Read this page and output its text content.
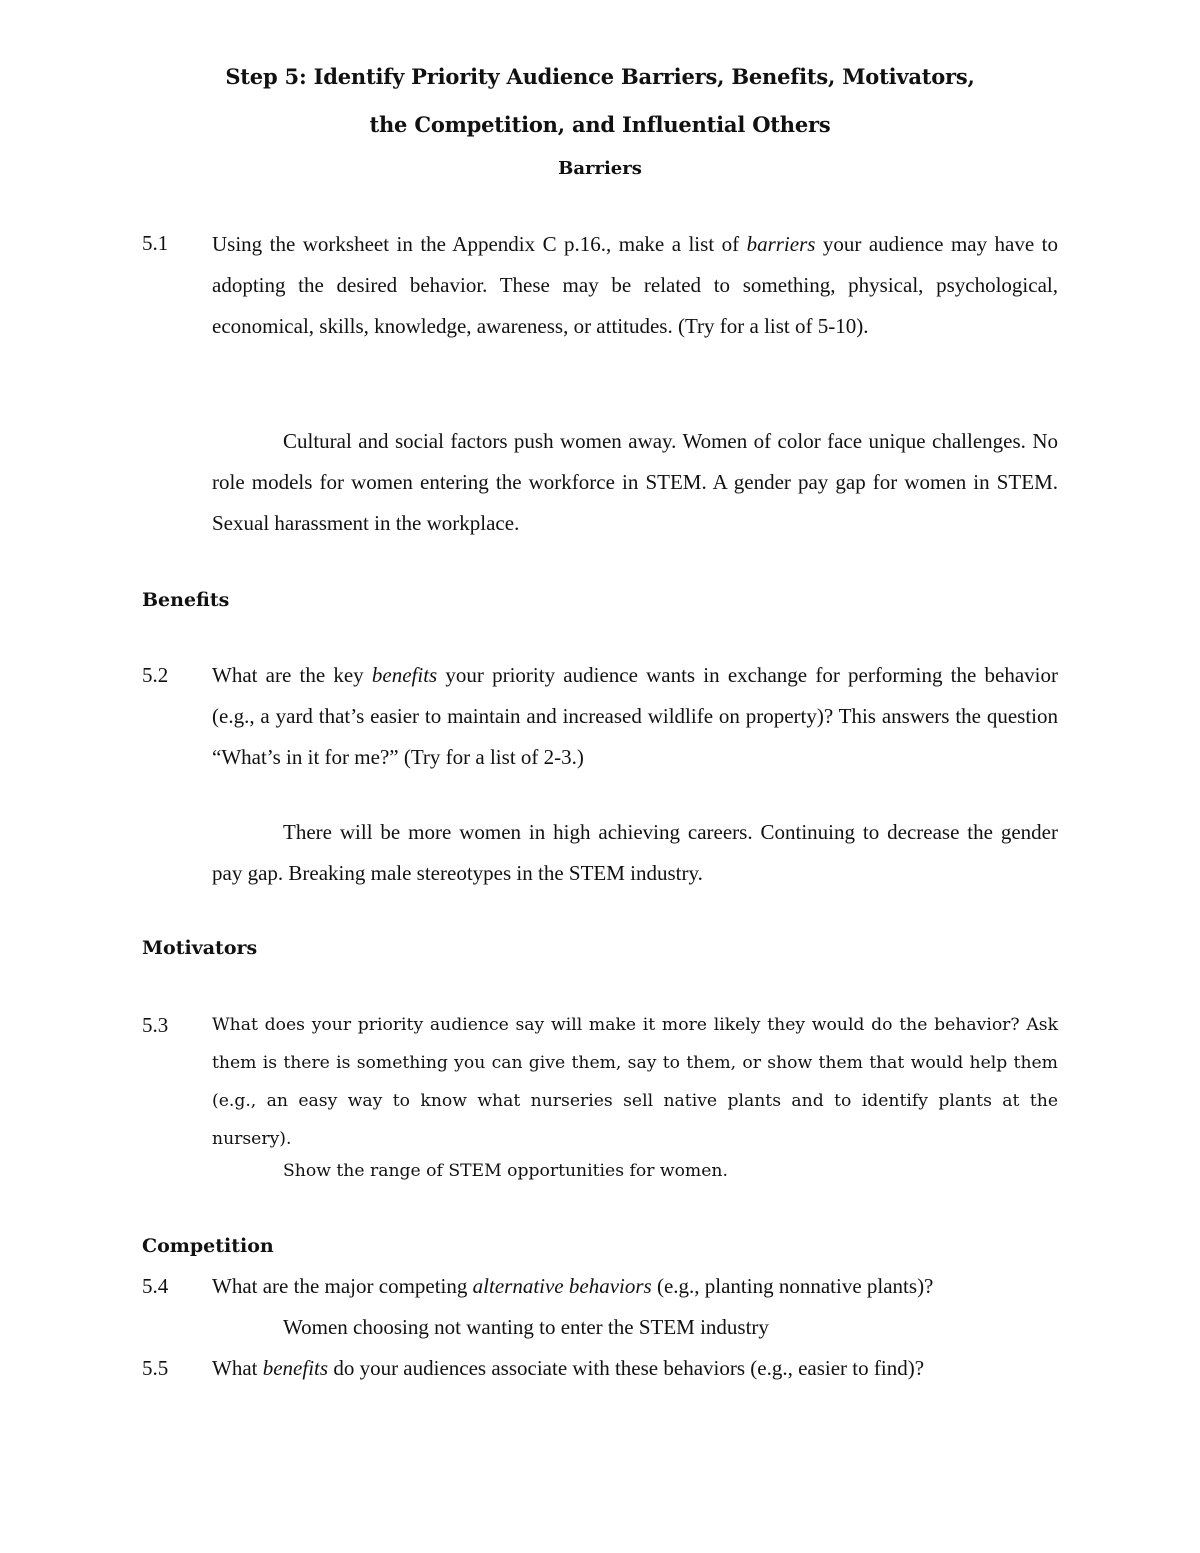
Step 5: Identify Priority Audience Barriers, Benefits, Motivators,
the Competition, and Influential Others
Barriers
5.1 Using the worksheet in the Appendix C p.16., make a list of barriers your audience may have to adopting the desired behavior. These may be related to something, physical, psychological, economical, skills, knowledge, awareness, or attitudes. (Try for a list of 5-10).
Cultural and social factors push women away. Women of color face unique challenges. No role models for women entering the workforce in STEM. A gender pay gap for women in STEM. Sexual harassment in the workplace.
Benefits
5.2 What are the key benefits your priority audience wants in exchange for performing the behavior (e.g., a yard that’s easier to maintain and increased wildlife on property)? This answers the question “What’s in it for me?” (Try for a list of 2-3.)
There will be more women in high achieving careers. Continuing to decrease the gender pay gap. Breaking male stereotypes in the STEM industry.
Motivators
5.3	What does your priority audience say will make it more likely they would do the behavior? Ask them is there is something you can give them, say to them, or show them that would help them (e.g., an easy way to know what nurseries sell native plants and to identify plants at the nursery).
Show the range of STEM opportunities for women.
Competition
5.4 What are the major competing alternative behaviors (e.g., planting nonnative plants)?
Women choosing not wanting to enter the STEM industry
5.5 What benefits do your audiences associate with these behaviors (e.g., easier to find)?
